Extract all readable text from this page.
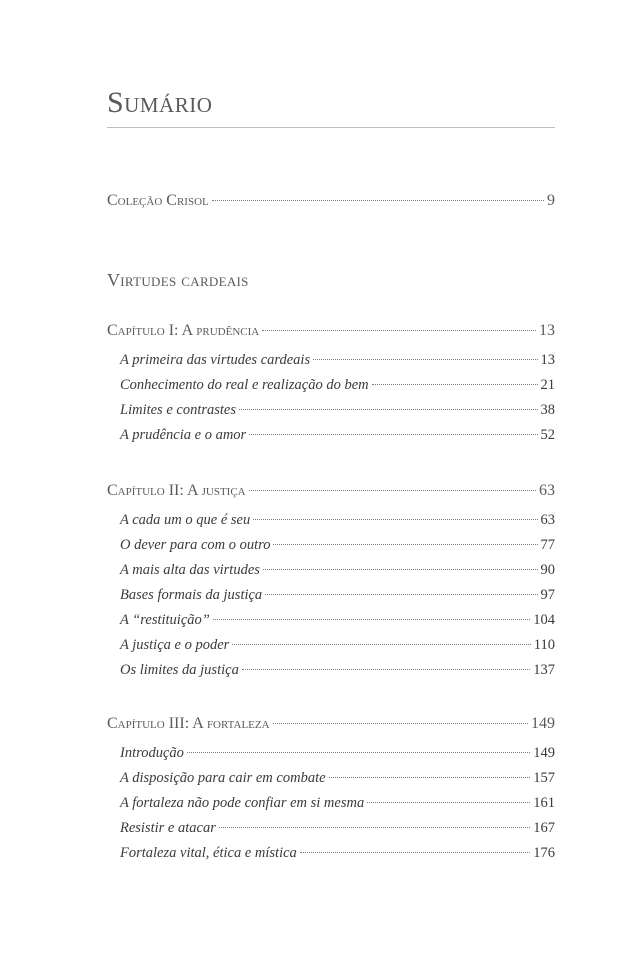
Sumário
Coleção Crisol	9
Virtudes cardeais
Capítulo I: A prudência	13
A primeira das virtudes cardeais	13
Conhecimento do real e realização do bem	21
Limites e contrastes	38
A prudência e o amor	52
Capítulo II: A justiça	63
A cada um o que é seu	63
O dever para com o outro	77
A mais alta das virtudes	90
Bases formais da justiça	97
A “restituição”	104
A justiça e o poder	110
Os limites da justiça	137
Capítulo III: A fortaleza	149
Introdução	149
A disposição para cair em combate	157
A fortaleza não pode confiar em si mesma	161
Resistir e atacar	167
Fortaleza vital, ética e mística	176
